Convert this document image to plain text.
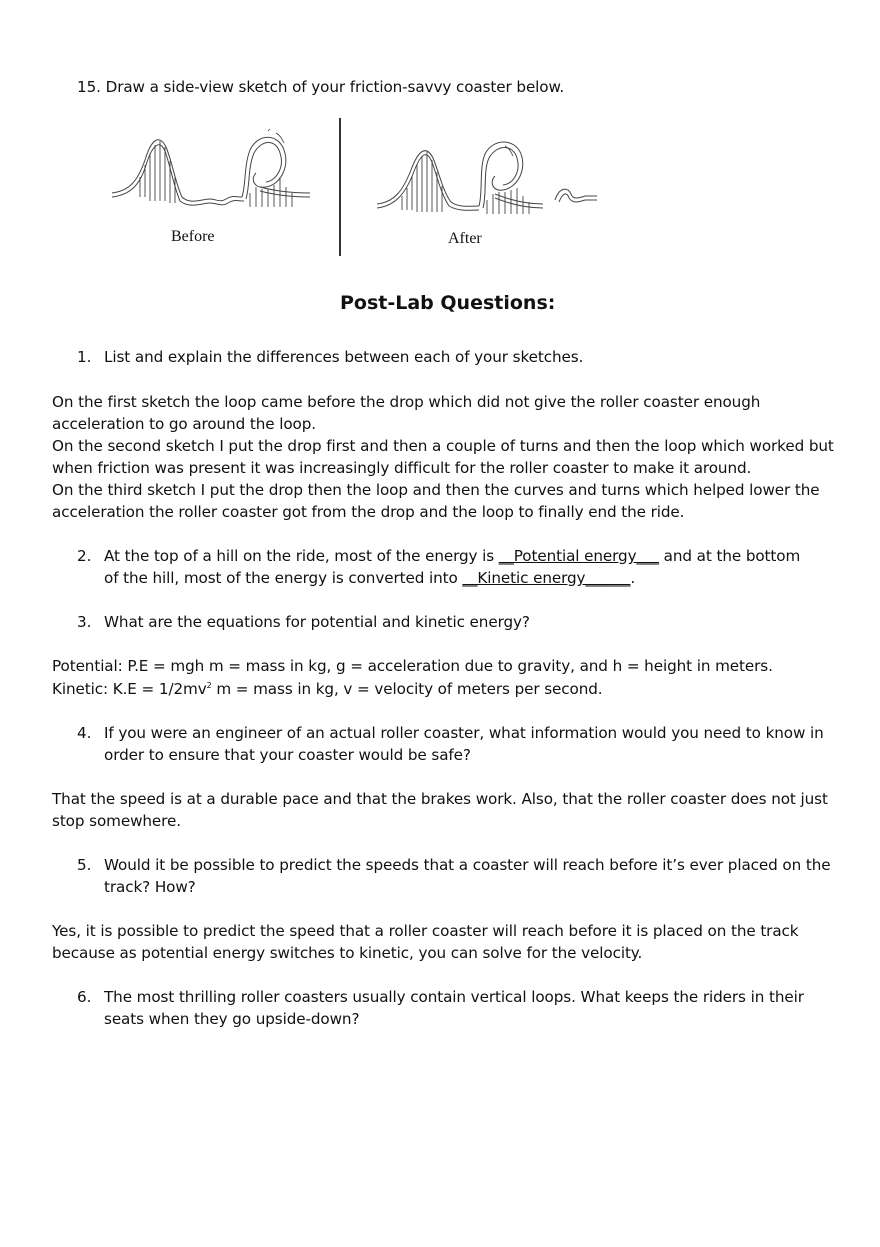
15. Draw a side-view sketch of your friction-savvy coaster below.
Before	After
Post-Lab Questions:
1. List and explain the differences between each of your sketches.
On the first sketch the loop came before the drop which did not give the roller coaster enough
acceleration to go around the loop.
On the second sketch I put the drop first and then a couple of turns and then the loop which worked but
when friction was present it was increasingly difficult for the roller coaster to make it around.
On the third sketch I put the drop then the loop and then the curves and turns which helped lower the
acceleration the roller coaster got from the drop and the loop to finally end the ride.
2. At the top of a hill on the ride, most of the energy is __Potential energy___ and at the bottom
of the hill, most of the energy is converted into __Kinetic energy______.
3. What are the equations for potential and kinetic energy?
Potential: P.E = mgh m = mass in kg, g = acceleration due to gravity, and h = height in meters.
Kinetic: $K.E = 1/2mv^2$ m = mass in kg, v = velocity of meters per second.
4. If you were an engineer of an actual roller coaster, what information would you need to know in
order to ensure that your coaster would be safe?
That the speed is at a durable pace and that the brakes work. Also, that the roller coaster does not just
stop somewhere.
5. Would it be possible to predict the speeds that a coaster will reach before it’s ever placed on the
track? How?
Yes, it is possible to predict the speed that a roller coaster will reach before it is placed on the track
because as potential energy switches to kinetic, you can solve for the velocity.
6. The most thrilling roller coasters usually contain vertical loops. What keeps the riders in their
seats when they go upside-down?
